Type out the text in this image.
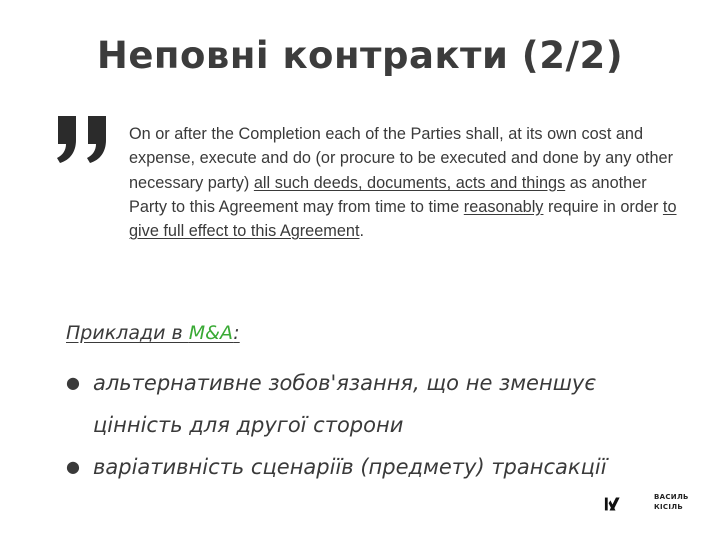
Неповні контракти (2/2)

On or after the Completion each of the Parties shall, at its own cost and expense, execute and do (or procure to be executed and done by any other necessary party) all such deeds, documents, acts and things as another Party to this Agreement may from time to time reasonably require in order to give full effect to this Agreement.

Приклади в M&A:
● альтернативне зобов'язання, що не зменшує цінність для другої сторони
● варіативність сценаріїв (предмету) трансакції
ВАСИЛЬ
КІСІЛЬ
